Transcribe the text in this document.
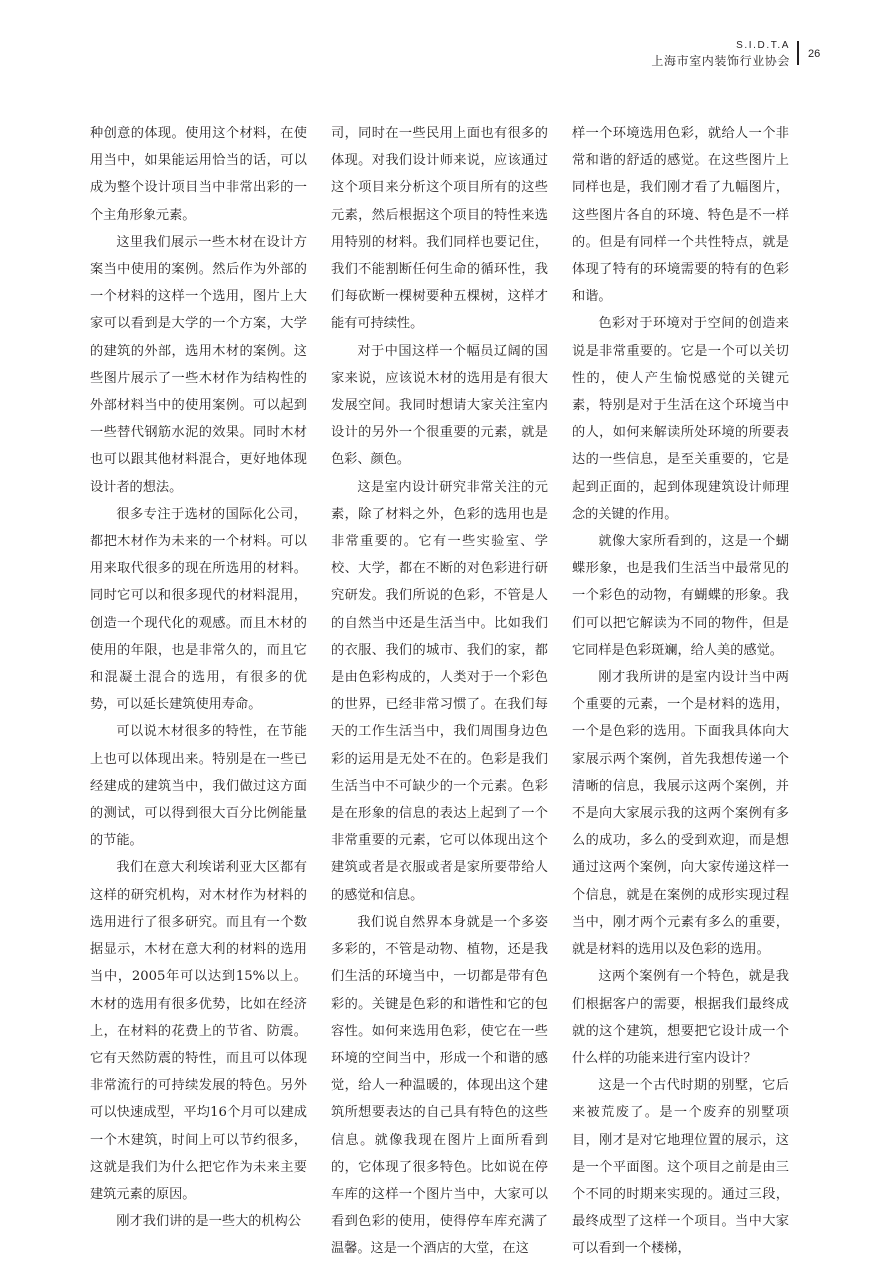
S.I.D.T.A
上海市室内装饰行业协会 26

种创意的体现。使用这个材料，在使用当中，如果能运用恰当的话，可以成为整个设计项目当中非常出彩的一个主角形象元素。

这里我们展示一些木材在设计方案当中使用的案例。然后作为外部的一个材料的这样一个选用，图片上大家可以看到是大学的一个方案，大学的建筑的外部，选用木材的案例。这些图片展示了一些木材作为结构性的外部材料当中的使用案例。可以起到一些替代钢筋水泥的效果。同时木材也可以跟其他材料混合，更好地体现设计者的想法。

很多专注于选材的国际化公司，都把木材作为未来的一个材料。可以用来取代很多的现在所选用的材料。同时它可以和很多现代的材料混用，创造一个现代化的观感。而且木材的使用的年限，也是非常久的，而且它和混凝土混合的选用，有很多的优势，可以延长建筑使用寿命。

可以说木材很多的特性，在节能上也可以体现出来。特别是在一些已经建成的建筑当中，我们做过这方面的测试，可以得到很大百分比例能量的节能。

我们在意大利埃诺利亚大区都有这样的研究机构，对木材作为材料的选用进行了很多研究。而且有一个数据显示，木材在意大利的材料的选用当中，2005年可以达到15%以上。木材的选用有很多优势，比如在经济上，在材料的花费上的节省、防震。它有天然防震的特性，而且可以体现非常流行的可持续发展的特色。另外可以快速成型，平均16个月可以建成一个木建筑，时间上可以节约很多，这就是我们为什么把它作为未来主要建筑元素的原因。

刚才我们讲的是一些大的机构公

司，同时在一些民用上面也有很多的体现。对我们设计师来说，应该通过这个项目来分析这个项目所有的这些元素，然后根据这个项目的特性来选用特别的材料。我们同样也要记住，我们不能割断任何生命的循环性，我们每砍断一棵树要种五棵树，这样才能有可持续性。

对于中国这样一个幅员辽阔的国家来说，应该说木材的选用是有很大发展空间。我同时想请大家关注室内设计的另外一个很重要的元素，就是色彩、颜色。

这是室内设计研究非常关注的元素，除了材料之外，色彩的选用也是非常重要的。它有一些实验室、学校、大学，都在不断的对色彩进行研究研发。我们所说的色彩，不管是人的自然当中还是生活当中。比如我们的衣服、我们的城市、我们的家，都是由色彩构成的，人类对于一个彩色的世界，已经非常习惯了。在我们每天的工作生活当中，我们周围身边色彩的运用是无处不在的。色彩是我们生活当中不可缺少的一个元素。色彩是在形象的信息的表达上起到了一个非常重要的元素，它可以体现出这个建筑或者是衣服或者是家所要带给人的感觉和信息。

我们说自然界本身就是一个多姿多彩的，不管是动物、植物，还是我们生活的环境当中，一切都是带有色彩的。关键是色彩的和谐性和它的包容性。如何来选用色彩，使它在一些环境的空间当中，形成一个和谐的感觉，给人一种温暖的，体现出这个建筑所想要表达的自己具有特色的这些信息。就像我现在图片上面所看到的，它体现了很多特色。比如说在停车库的这样一个图片当中，大家可以看到色彩的使用，使得停车库充满了温馨。这是一个酒店的大堂，在这

样一个环境选用色彩，就给人一个非常和谐的舒适的感觉。在这些图片上同样也是，我们刚才看了九幅图片，这些图片各自的环境、特色是不一样的。但是有同样一个共性特点，就是体现了特有的环境需要的特有的色彩和谐。

色彩对于环境对于空间的创造来说是非常重要的。它是一个可以关切性的，使人产生愉悦感觉的关键元素，特别是对于生活在这个环境当中的人，如何来解读所处环境的所要表达的一些信息，是至关重要的，它是起到正面的，起到体现建筑设计师理念的关键的作用。

就像大家所看到的，这是一个蝴蝶形象，也是我们生活当中最常见的一个彩色的动物，有蝴蝶的形象。我们可以把它解读为不同的物件，但是它同样是色彩斑斓，给人美的感觉。

刚才我所讲的是室内设计当中两个重要的元素，一个是材料的选用，一个是色彩的选用。下面我具体向大家展示两个案例，首先我想传递一个清晰的信息，我展示这两个案例，并不是向大家展示我的这两个案例有多么的成功，多么的受到欢迎，而是想通过这两个案例，向大家传递这样一个信息，就是在案例的成形实现过程当中，刚才两个元素有多么的重要，就是材料的选用以及色彩的选用。

这两个案例有一个特色，就是我们根据客户的需要，根据我们最终成就的这个建筑，想要把它设计成一个什么样的功能来进行室内设计？

这是一个古代时期的别墅，它后来被荒废了。是一个废弃的别墅项目，刚才是对它地理位置的展示，这是一个平面图。这个项目之前是由三个不同的时期来实现的。通过三段，最终成型了这样一个项目。当中大家可以看到一个楼梯，
